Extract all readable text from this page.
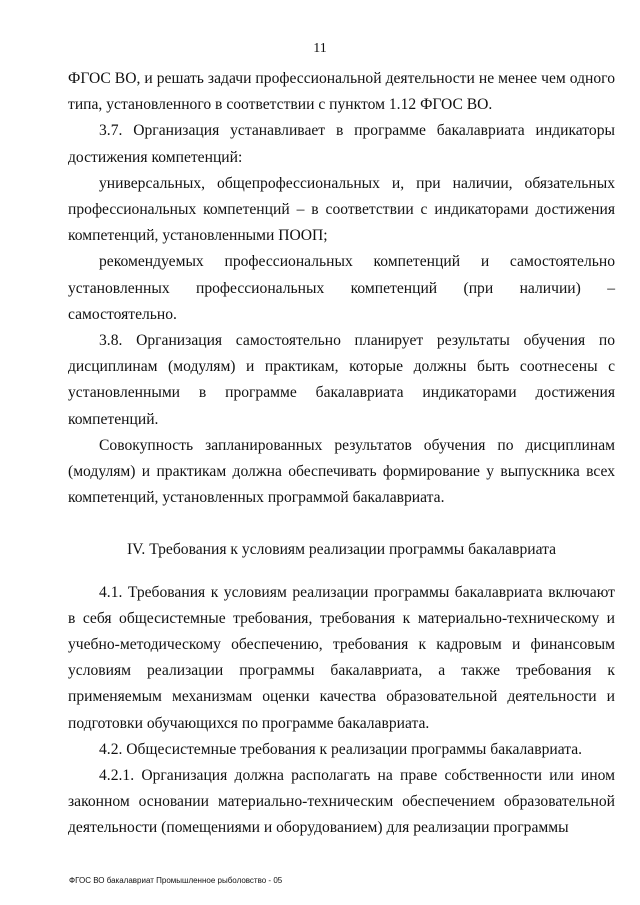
11

ФГОС ВО, и решать задачи профессиональной деятельности не менее чем одного типа, установленного в соответствии с пунктом 1.12 ФГОС ВО.

3.7. Организация устанавливает в программе бакалавриата индикаторы достижения компетенций:

универсальных, общепрофессиональных и, при наличии, обязательных профессиональных компетенций – в соответствии с индикаторами достижения компетенций, установленными ПООП;

рекомендуемых профессиональных компетенций и самостоятельно установленных профессиональных компетенций (при наличии) – самостоятельно.

3.8. Организация самостоятельно планирует результаты обучения по дисциплинам (модулям) и практикам, которые должны быть соотнесены с установленными в программе бакалавриата индикаторами достижения компетенций.

Совокупность запланированных результатов обучения по дисциплинам (модулям) и практикам должна обеспечивать формирование у выпускника всех компетенций, установленных программой бакалавриата.

IV. Требования к условиям реализации программы бакалавриата

4.1. Требования к условиям реализации программы бакалавриата включают в себя общесистемные требования, требования к материально-техническому и учебно-методическому обеспечению, требования к кадровым и финансовым условиям реализации программы бакалавриата, а также требования к применяемым механизмам оценки качества образовательной деятельности и подготовки обучающихся по программе бакалавриата.

4.2. Общесистемные требования к реализации программы бакалавриата.

4.2.1. Организация должна располагать на праве собственности или ином законном основании материально-техническим обеспечением образовательной деятельности (помещениями и оборудованием) для реализации программы

ФГОС ВО бакалавриат Промышленное рыболовство - 05
